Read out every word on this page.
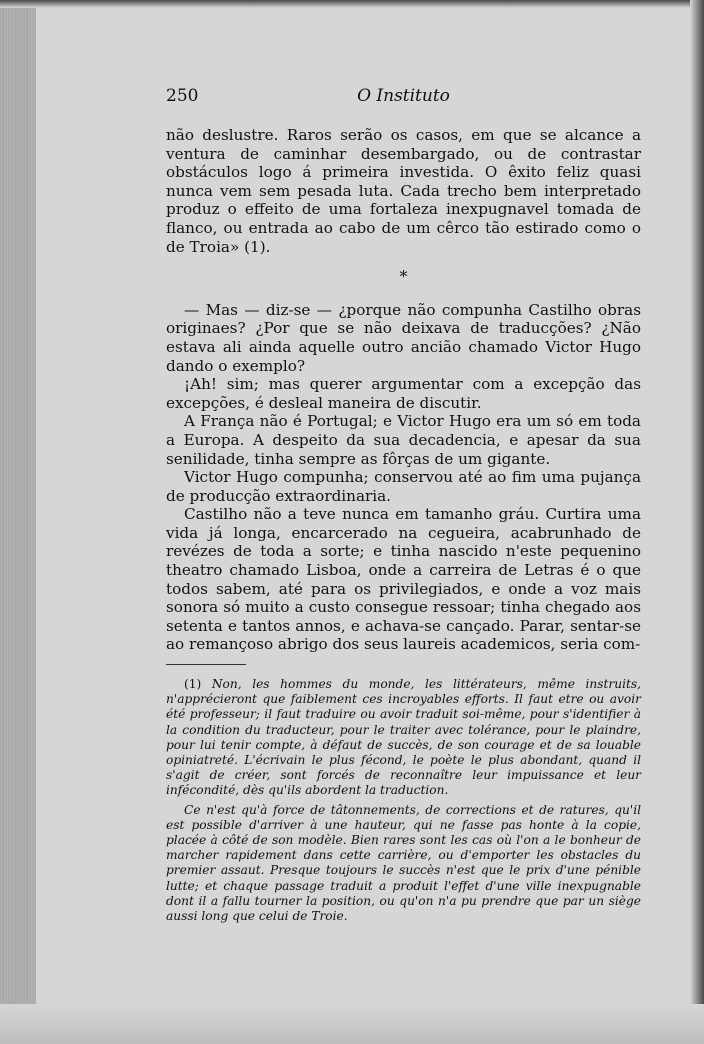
250	O Instituto

não deslustre. Raros serão os casos, em que se alcance a ventura de caminhar desembargado, ou de contrastar obstáculos logo á primeira investida. O êxito feliz quasi nunca vem sem pesada luta. Cada trecho bem interpretado produz o effeito de uma fortaleza inexpugnavel tomada de flanco, ou entrada ao cabo de um cêrco tão estirado como o de Troia» (1).

*

— Mas — diz-se — ¿porque não compunha Castilho obras originaes? ¿Por que se não deixava de traducções? ¿Não estava ali ainda aquelle outro ancião chamado Victor Hugo dando o exemplo?

¡Ah! sim; mas querer argumentar com a excepção das excepções, é desleal maneira de discutir.

A França não é Portugal; e Victor Hugo era um só em toda a Europa. A despeito da sua decadencia, e apesar da sua senilidade, tinha sempre as fôrças de um gigante.

Victor Hugo compunha; conservou até ao fim uma pujança de producção extraordinaria.

Castilho não a teve nunca em tamanho gráu. Curtira uma vida já longa, encarcerado na cegueira, acabrunhado de revézes de toda a sorte; e tinha nascido n'este pequenino theatro chamado Lisboa, onde a carreira de Letras é o que todos sabem, até para os privilegiados, e onde a voz mais sonora só muito a custo consegue ressoar; tinha chegado aos setenta e tantos annos, e achava-se cançado. Parar, sentar-se ao remançoso abrigo dos seus laureis academicos, seria com-

(1) Non, les hommes du monde, les littérateurs, même instruits, n'apprécieront que faiblement ces incroyables efforts. Il faut etre ou avoir été professeur; il faut traduire ou avoir traduit soi-même, pour s'identifier à la condition du traducteur, pour le traiter avec tolérance, pour le plaindre, pour lui tenir compte, à défaut de succès, de son courage et de sa louable opiniatreté. L'écrivain le plus fécond, le poète le plus abondant, quand il s'agit de créer, sont forcés de reconnaître leur impuissance et leur infécondité, dès qu'ils abordent la traduction.

Ce n'est qu'à force de tâtonnements, de corrections et de ratures, qu'il est possible d'arriver à une hauteur, qui ne fasse pas honte à la copie, placée à côté de son modèle. Bien rares sont les cas où l'on a le bonheur de marcher rapidement dans cette carrière, ou d'emporter les obstacles du premier assaut. Presque toujours le succès n'est que le prix d'une pénible lutte; et chaque passage traduit a produit l'effet d'une ville inexpugnable dont il a fallu tourner la position, ou qu'on n'a pu prendre que par un siège aussi long que celui de Troie.
